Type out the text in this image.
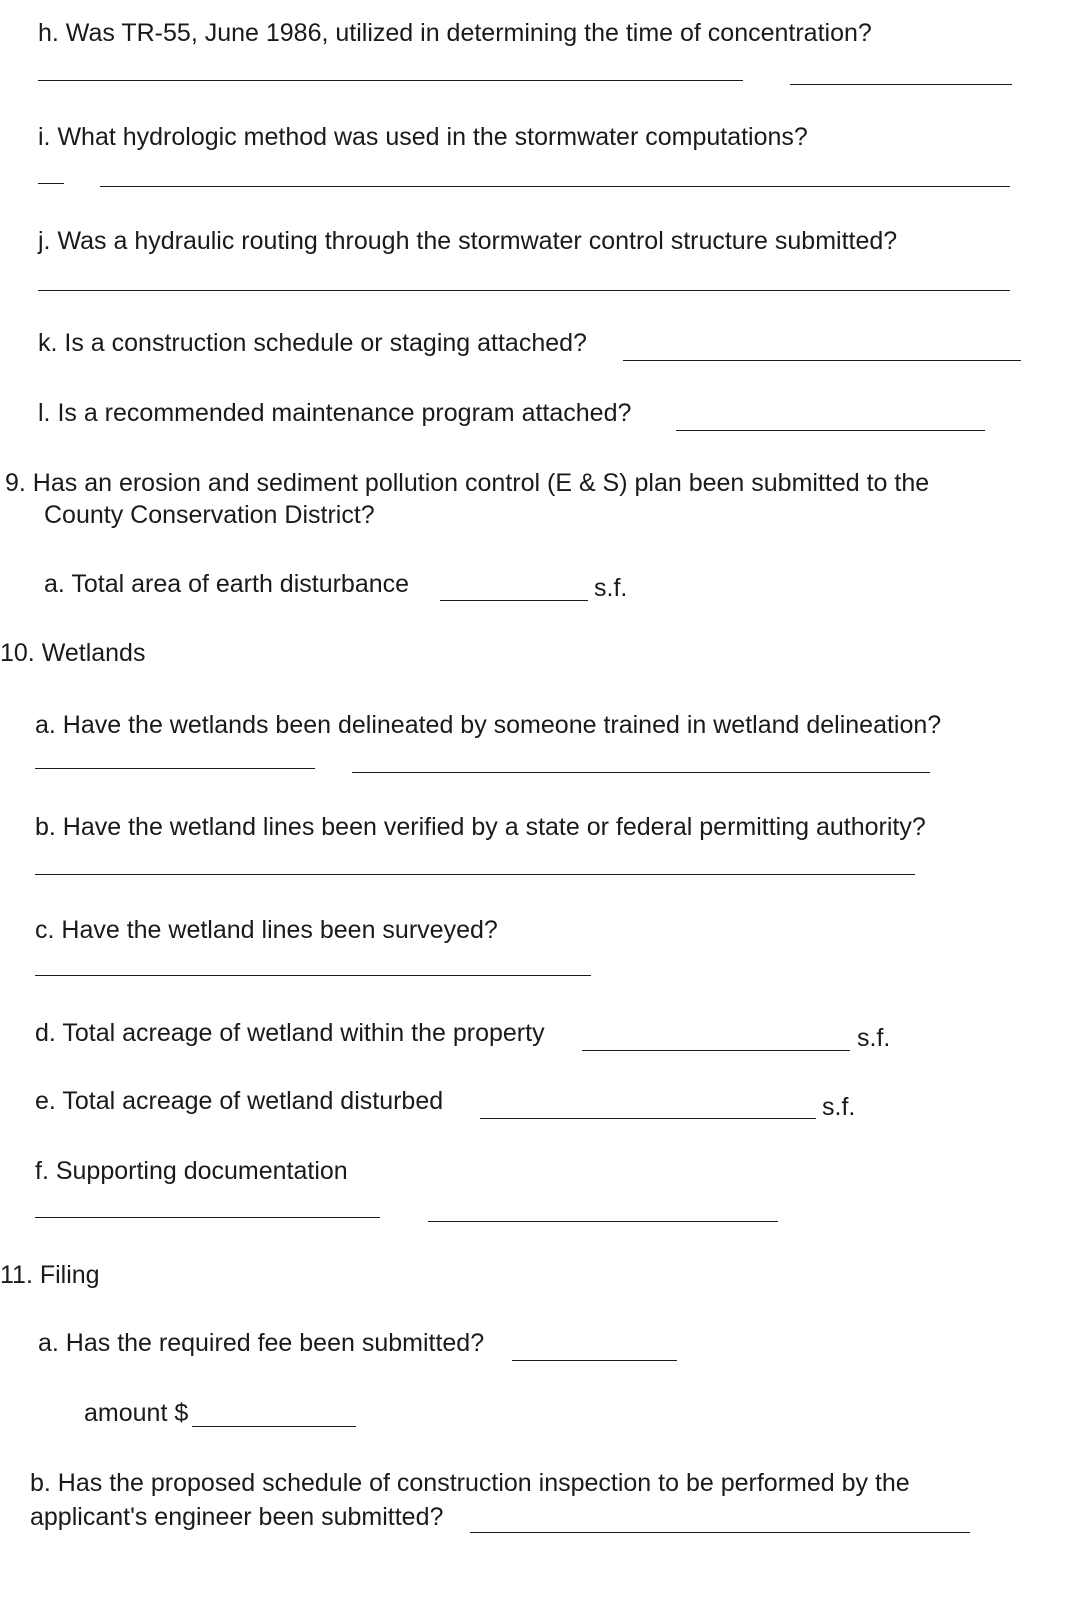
h. Was TR-55, June 1986, utilized in determining the time of concentration?
i. What hydrologic method was used in the stormwater computations?
j. Was a hydraulic routing through the stormwater control structure submitted?
k. Is a construction schedule or staging attached?
l. Is a recommended maintenance program attached?
9. Has an erosion and sediment pollution control (E & S) plan been submitted to the
County Conservation District?
a. Total area of earth disturbance	s.f.
10. Wetlands
a. Have the wetlands been delineated by someone trained in wetland delineation?
b. Have the wetland lines been verified by a state or federal permitting authority?
c. Have the wetland lines been surveyed?
d. Total acreage of wetland within the property	s.f.
e. Total acreage of wetland disturbed	s.f.
f. Supporting documentation
11. Filing
a. Has the required fee been submitted?
amount $
b. Has the proposed schedule of construction inspection to be performed by the
applicant's engineer been submitted?
